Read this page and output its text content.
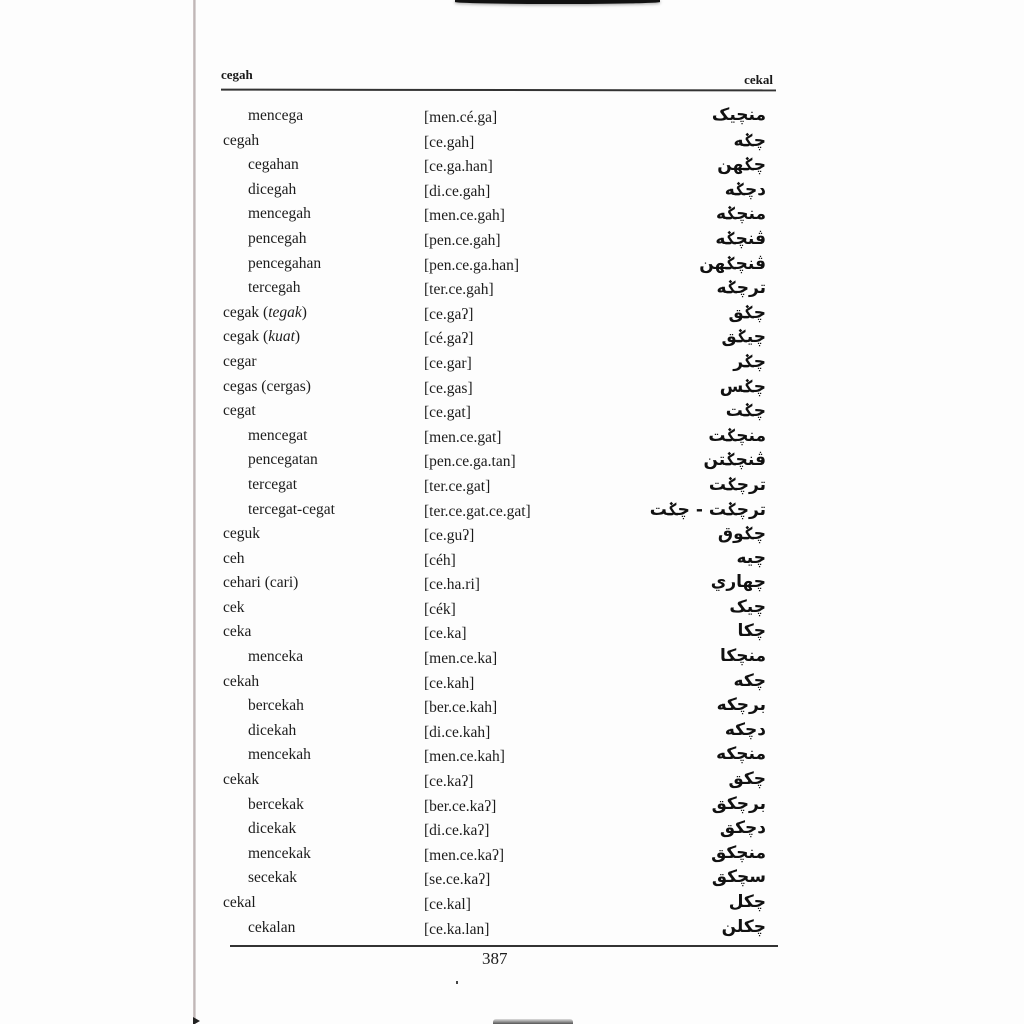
cegah	cekal
mencega	[men.cé.ga]	منچيک
cegah	[ce.gah]	چݢه
cegahan	[ce.ga.han]	چݢهن
dicegah	[di.ce.gah]	دچݢه
mencegah	[men.ce.gah]	منچݢه
pencegah	[pen.ce.gah]	ڤنچݢه
pencegahan	[pen.ce.ga.han]	ڤنچݢهن
tercegah	[ter.ce.gah]	ترچݢه
cegak (tegak)	[ce.gaʔ]	چݢق
cegak (kuat)	[cé.gaʔ]	چيݢق
cegar	[ce.gar]	چݢر
cegas (cergas)	[ce.gas]	چݢس
cegat	[ce.gat]	چݢت
mencegat	[men.ce.gat]	منچݢت
pencegatan	[pen.ce.ga.tan]	ڤنچݢتن
tercegat	[ter.ce.gat]	ترچݢت
tercegat-cegat	[ter.ce.gat.ce.gat]	ترچݢت - چݢت
ceguk	[ce.guʔ]	چݢوق
ceh	[céh]	چيه
cehari (cari)	[ce.ha.ri]	چهاري
cek	[cék]	چيک
ceka	[ce.ka]	چکا
menceka	[men.ce.ka]	منچکا
cekah	[ce.kah]	چکه
bercekah	[ber.ce.kah]	برچکه
dicekah	[di.ce.kah]	دچکه
mencekah	[men.ce.kah]	منچکه
cekak	[ce.kaʔ]	چکق
bercekak	[ber.ce.kaʔ]	برچکق
dicekak	[di.ce.kaʔ]	دچکق
mencekak	[men.ce.kaʔ]	منچکق
secekak	[se.ce.kaʔ]	سچکق
cekal	[ce.kal]	چکل
cekalan	[ce.ka.lan]	چکلن
387
